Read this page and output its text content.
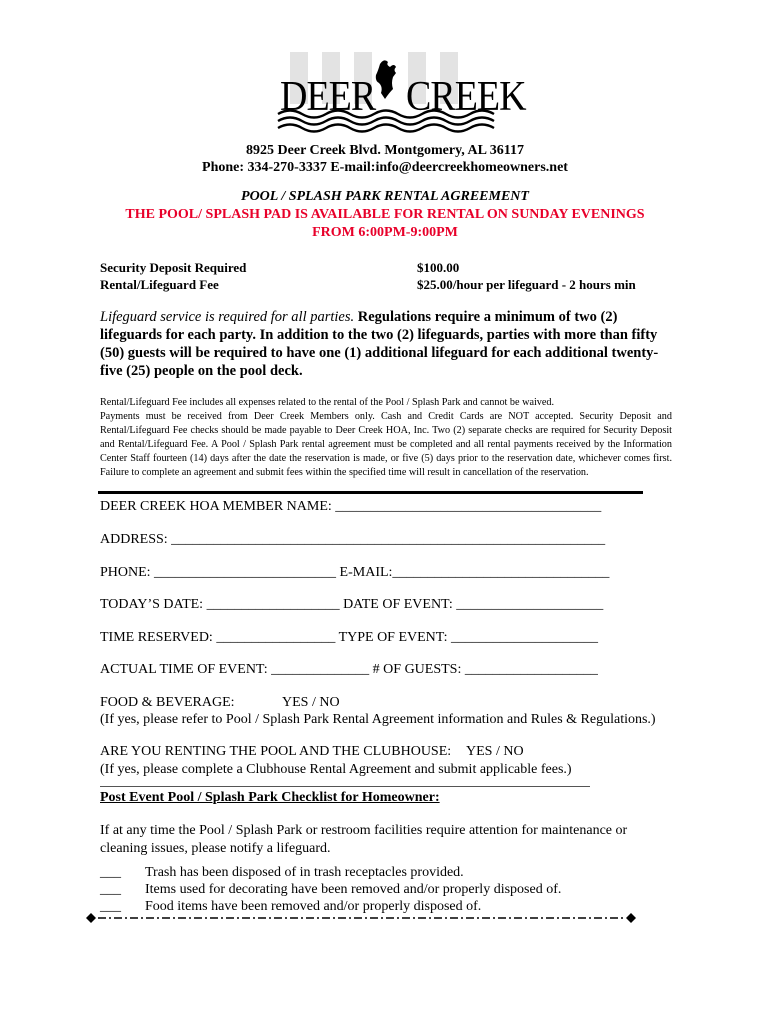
DEER CREEK
8925 Deer Creek Blvd. Montgomery, AL 36117
Phone: 334-270-3337 E-mail:info@deercreekhomeowners.net
POOL / SPLASH PARK RENTAL AGREEMENT
THE POOL/ SPLASH PAD IS AVAILABLE FOR RENTAL ON SUNDAY EVENINGS
FROM 6:00PM-9:00PM
Security Deposit Required	$100.00
Rental/Lifeguard Fee	$25.00/hour per lifeguard - 2 hours min
Lifeguard service is required for all parties. Regulations require a minimum of two (2) lifeguards for each party. In addition to the two (2) lifeguards, parties with more than fifty (50) guests will be required to have one (1) additional lifeguard for each additional twenty-five (25) people on the pool deck.
Rental/Lifeguard Fee includes all expenses related to the rental of the Pool / Splash Park and cannot be waived.
Payments must be received from Deer Creek Members only. Cash and Credit Cards are NOT accepted. Security Deposit and Rental/Lifeguard Fee checks should be made payable to Deer Creek HOA, Inc. Two (2) separate checks are required for Security Deposit and Rental/Lifeguard Fee. A Pool / Splash Park rental agreement must be completed and all rental payments received by the Information Center Staff fourteen (14) days after the date the reservation is made, or five (5) days prior to the reservation date, whichever comes first. Failure to complete an agreement and submit fees within the specified time will result in cancellation of the reservation.
DEER CREEK HOA MEMBER NAME: ______________________________________
ADDRESS: ______________________________________________________________
PHONE: __________________________ E-MAIL:_______________________________
TODAY’S DATE: ___________________ DATE OF EVENT: _____________________
TIME RESERVED: _________________ TYPE OF EVENT: _____________________
ACTUAL TIME OF EVENT: ______________ # OF GUESTS: ___________________
FOOD & BEVERAGE:	YES / NO
(If yes, please refer to Pool / Splash Park Rental Agreement information and Rules & Regulations.)
ARE YOU RENTING THE POOL AND THE CLUBHOUSE: YES / NO
(If yes, please complete a Clubhouse Rental Agreement and submit applicable fees.)
Post Event Pool / Splash Park Checklist for Homeowner:
If at any time the Pool / Splash Park or restroom facilities require attention for maintenance or cleaning issues, please notify a lifeguard.
___ Trash has been disposed of in trash receptacles provided.
___ Items used for decorating have been removed and/or properly disposed of.
___ Food items have been removed and/or properly disposed of.
